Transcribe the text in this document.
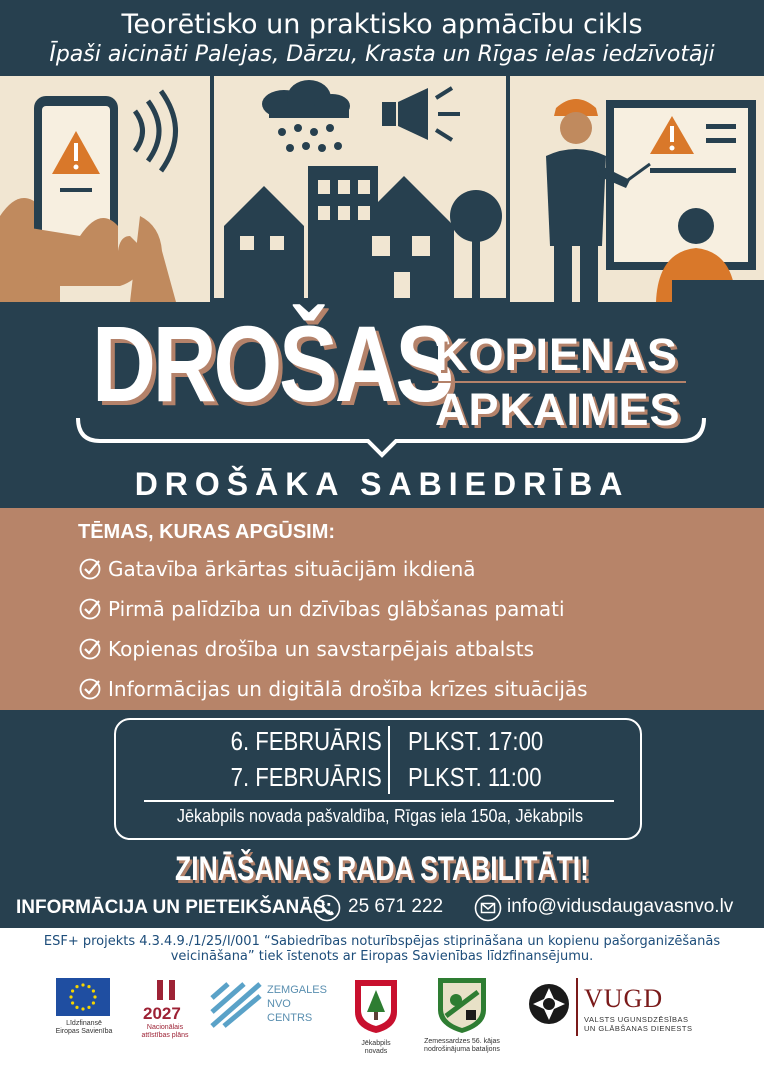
Teorētisko un praktisko apmācību cikls
Īpaši aicināti Palejas, Dārzu, Krasta un Rīgas ielas iedzīvotāji
DROŠAS
KOPIENAS
APKAIMES
DROŠĀKA SABIEDRĪBA
TĒMAS, KURAS APGŪSIM:
Gatavība ārkārtas situācijām ikdienā
Pirmā palīdzība un dzīvības glābšanas pamati
Kopienas drošība un savstarpējais atbalsts
Informācijas un digitālā drošība krīzes situācijās
6. FEBRUĀRIS PLKST. 17:00
7. FEBRUĀRIS PLKST. 11:00
Jēkabpils novada pašvaldība, Rīgas iela 150a, Jēkabpils
ZINĀŠANAS RADA STABILITĀTI!
INFORMĀCIJA UN PIETEIKŠANĀS: 25 671 222	info@vidusdaugavasnvo.lv
ESF+ projekts 4.3.4.9./1/25/I/001 “Sabiedrības noturībspējas stiprināšana un kopienu pašorganizēšanās veicināšana” tiek īstenots ar Eiropas Savienības līdzfinansējumu.
Līdzfinansē
Eiropas Savienība
2027
Nacionālais
attīstības plāns
ZEMGALES
NVO
CENTRS
Jēkabpils
novads
Zemessardzes 56. kājas
nodrošinājuma bataljons
VUGD
VALSTS UGUNSDZĒSĪBAS
UN GLĀBŠANAS DIENESTS
